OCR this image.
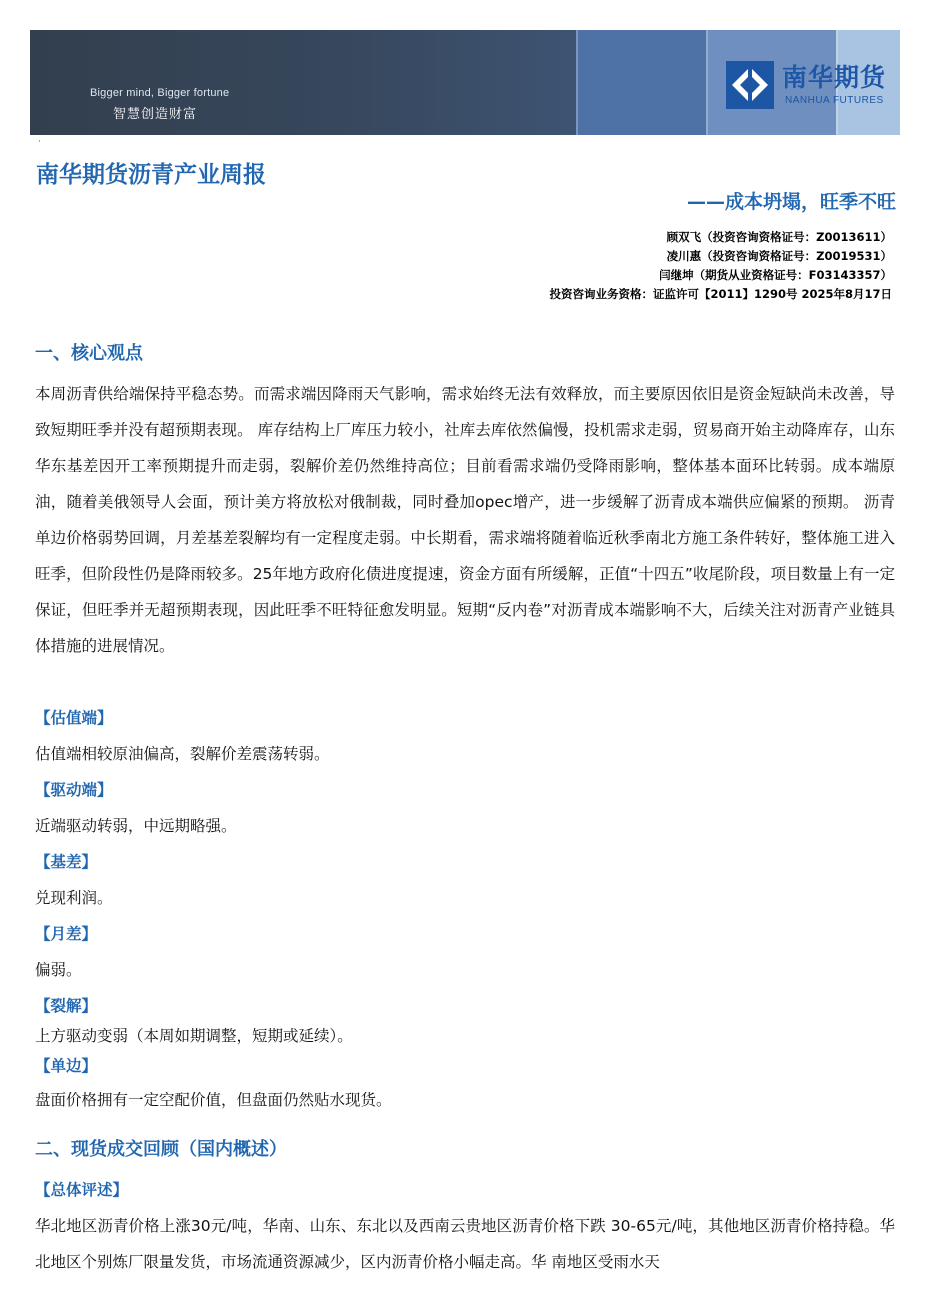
Bigger mind, Bigger fortune
智慧创造财富
南华期货
NANHUA FUTURES
·
南华期货沥青产业周报
——成本坍塌，旺季不旺
顾双飞（投资咨询资格证号：Z0013611）
凌川惠（投资咨询资格证号：Z0019531）
闫继坤（期货从业资格证号：F03143357）
投资咨询业务资格：证监许可【2011】1290号 2025年8月17日
一、核心观点
本周沥青供给端保持平稳态势。而需求端因降雨天气影响，需求始终无法有效释放，而主要原因依旧是资金短缺尚未改善，导致短期旺季并没有超预期表现。 库存结构上厂库压力较小，社库去库依然偏慢，投机需求走弱，贸易商开始主动降库存，山东华东基差因开工率预期提升而走弱，裂解价差仍然维持高位；目前看需求端仍受降雨影响，整体基本面环比转弱。成本端原油，随着美俄领导人会面，预计美方将放松对俄制裁，同时叠加opec增产，进一步缓解了沥青成本端供应偏紧的预期。 沥青单边价格弱势回调，月差基差裂解均有一定程度走弱。中长期看，需求端将随着临近秋季南北方施工条件转好，整体施工进入旺季，但阶段性仍是降雨较多。25年地方政府化债进度提速，资金方面有所缓解，正值“十四五”收尾阶段，项目数量上有一定保证，但旺季并无超预期表现，因此旺季不旺特征愈发明显。短期“反内卷”对沥青成本端影响不大，后续关注对沥青产业链具体措施的进展情况。
【估值端】
估值端相较原油偏高，裂解价差震荡转弱。
【驱动端】
近端驱动转弱，中远期略强。
【基差】
兑现利润。
【月差】
偏弱。
【裂解】
上方驱动变弱（本周如期调整，短期或延续）。
【单边】
盘面价格拥有一定空配价值，但盘面仍然贴水现货。
二、现货成交回顾（国内概述）
【总体评述】
华北地区沥青价格上涨30元/吨，华南、山东、东北以及西南云贵地区沥青价格下跌 30-65元/吨，其他地区沥青价格持稳。华北地区个别炼厂限量发货，市场流通资源减少，区内沥青价格小幅走高。华 南地区受雨水天
